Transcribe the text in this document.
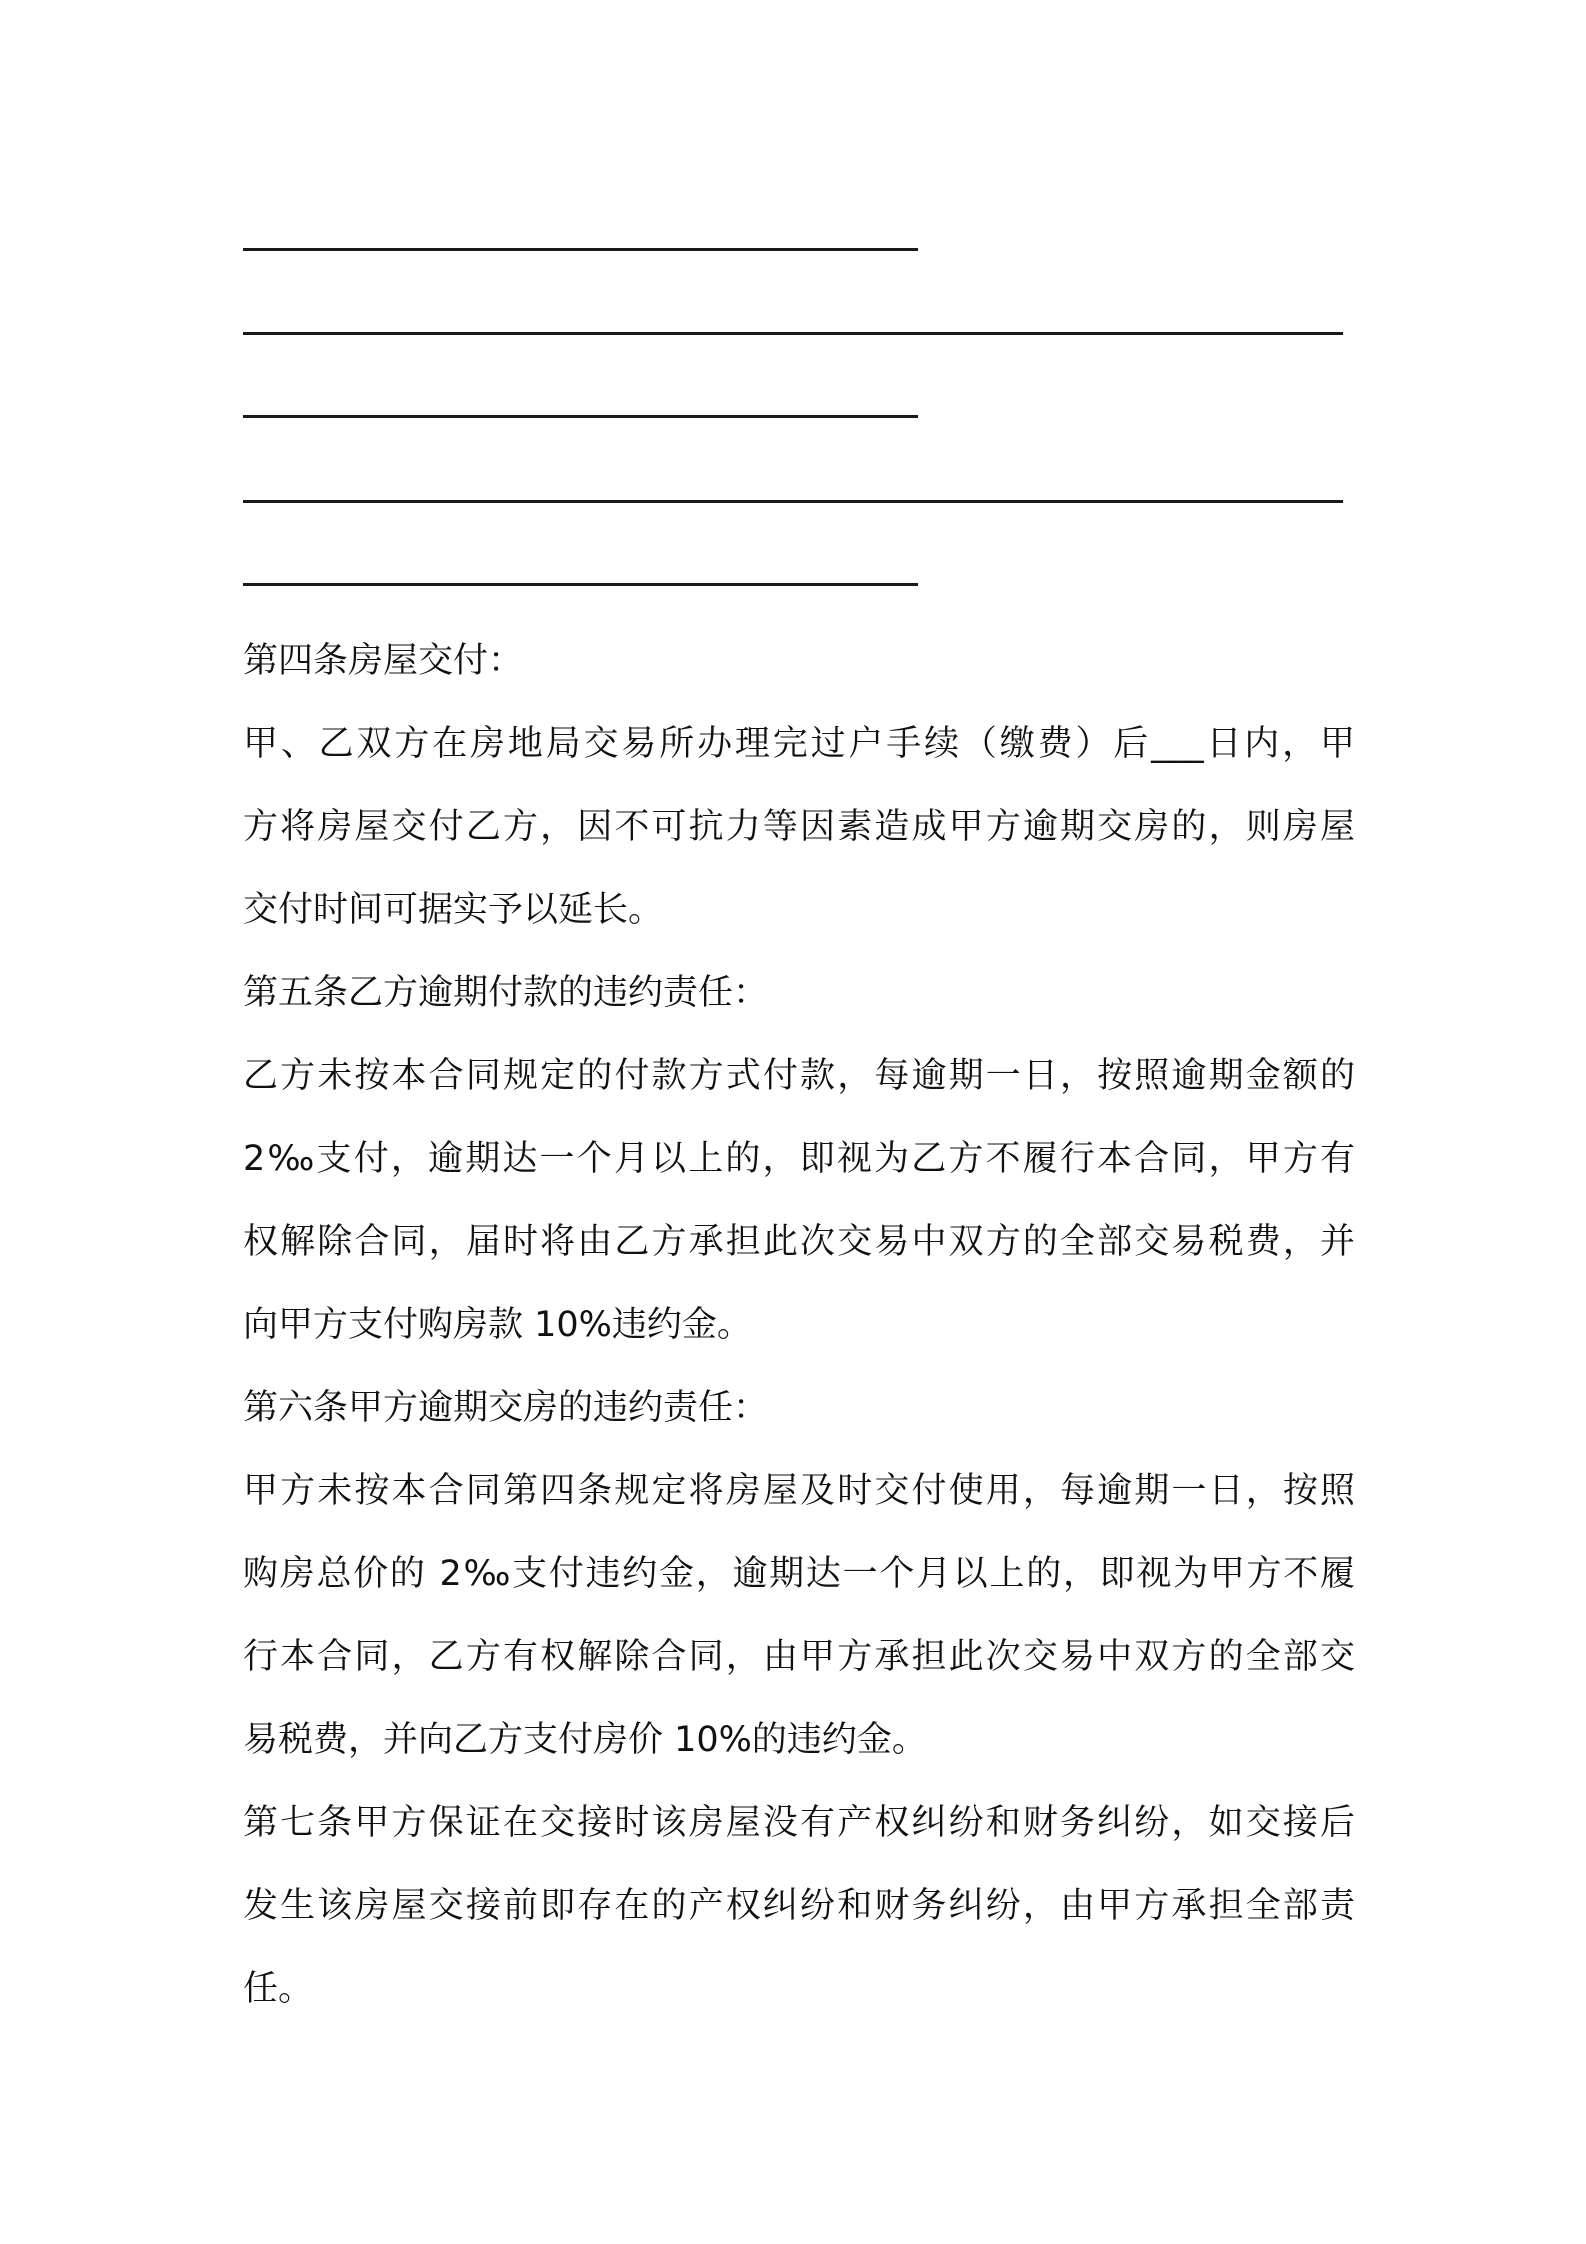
第四条房屋交付：
甲、乙双方在房地局交易所办理完过户手续（缴费）后___日内，甲
方将房屋交付乙方，因不可抗力等因素造成甲方逾期交房的，则房屋
交付时间可据实予以延长。
第五条乙方逾期付款的违约责任：
乙方未按本合同规定的付款方式付款，每逾期一日，按照逾期金额的
2‰支付，逾期达一个月以上的，即视为乙方不履行本合同，甲方有
权解除合同，届时将由乙方承担此次交易中双方的全部交易税费，并
向甲方支付购房款 10%违约金。
第六条甲方逾期交房的违约责任：
甲方未按本合同第四条规定将房屋及时交付使用，每逾期一日，按照
购房总价的 2‰支付违约金，逾期达一个月以上的，即视为甲方不履
行本合同，乙方有权解除合同，由甲方承担此次交易中双方的全部交
易税费，并向乙方支付房价 10%的违约金。
第七条甲方保证在交接时该房屋没有产权纠纷和财务纠纷，如交接后
发生该房屋交接前即存在的产权纠纷和财务纠纷，由甲方承担全部责
任。
